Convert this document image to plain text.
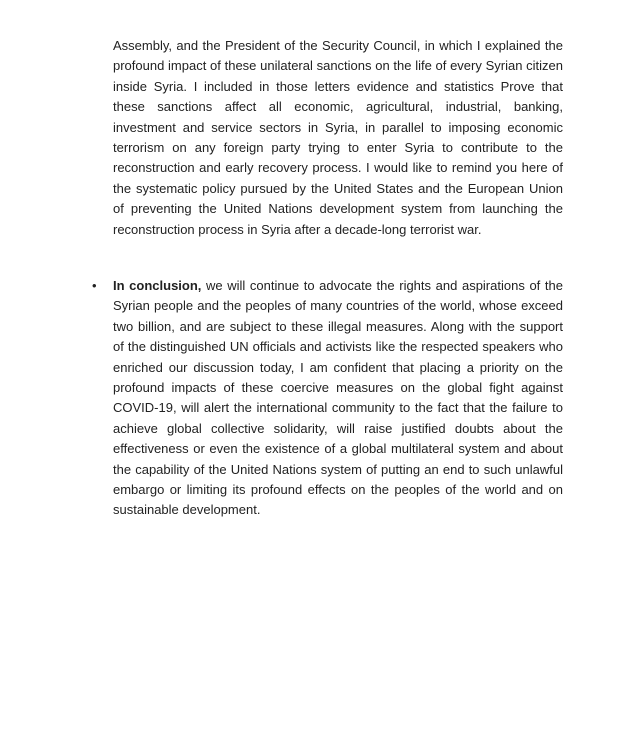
Assembly, and the President of the Security Council, in which I explained the profound impact of these unilateral sanctions on the life of every Syrian citizen inside Syria. I included in those letters evidence and statistics Prove that these sanctions affect all economic, agricultural, industrial, banking, investment and service sectors in Syria, in parallel to imposing economic terrorism on any foreign party trying to enter Syria to contribute to the reconstruction and early recovery process. I would like to remind you here of the systematic policy pursued by the United States and the European Union of preventing the United Nations development system from launching the reconstruction process in Syria after a decade-long terrorist war.

•	In conclusion, we will continue to advocate the rights and aspirations of the Syrian people and the peoples of many countries of the world, whose exceed two billion, and are subject to these illegal measures. Along with the support of the distinguished UN officials and activists like the respected speakers who enriched our discussion today, I am confident that placing a priority on the profound impacts of these coercive measures on the global fight against COVID-19, will alert the international community to the fact that the failure to achieve global collective solidarity, will raise justified doubts about the effectiveness or even the existence of a global multilateral system and about the capability of the United Nations system of putting an end to such unlawful embargo or limiting its profound effects on the peoples of the world and on sustainable development.
